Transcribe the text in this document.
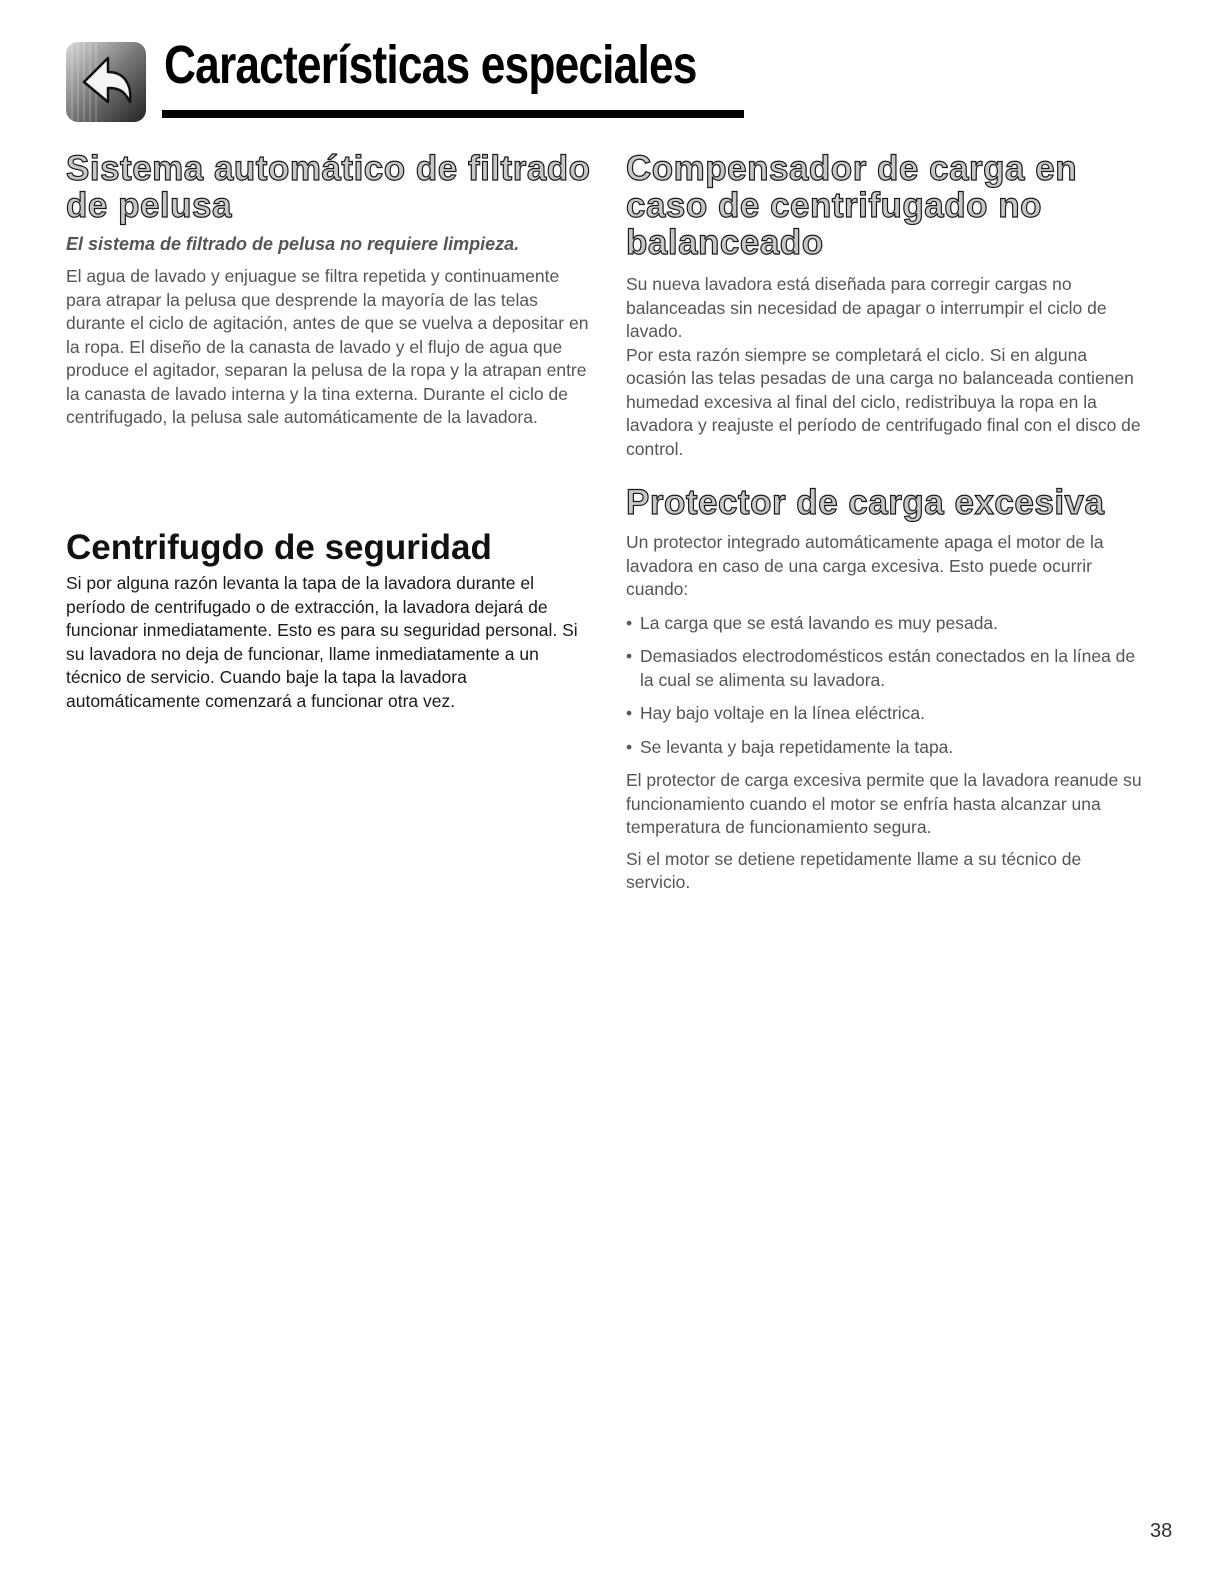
Características especiales
Sistema automático de filtrado de pelusa
El sistema de filtrado de pelusa no requiere limpieza.

El agua de lavado y enjuague se filtra repetida y continuamente para atrapar la pelusa que desprende la mayoría de las telas durante el ciclo de agitación, antes de que se vuelva a depositar en la ropa. El diseño de la canasta de lavado y el flujo de agua que produce el agitador, separan la pelusa de la ropa y la atrapan entre la canasta de lavado interna y la tina externa. Durante el ciclo de centrifugado, la pelusa sale automáticamente de la lavadora.

Centrifugdo de seguridad

Si por alguna razón levanta la tapa de la lavadora durante el período de centrifugado o de extracción, la lavadora dejará de funcionar inmediatamente. Esto es para su seguridad personal. Si su lavadora no deja de funcionar, llame inmediatamente a un técnico de servicio. Cuando baje la tapa la lavadora automáticamente comenzará a funcionar otra vez.

Compensador de carga en caso de centrifugado no balanceado

Su nueva lavadora está diseñada para corregir cargas no balanceadas sin necesidad de apagar o interrumpir el ciclo de lavado.

Por esta razón siempre se completará el ciclo. Si en alguna ocasión las telas pesadas de una carga no balanceada contienen humedad excesiva al final del ciclo, redistribuya la ropa en la lavadora y reajuste el período de centrifugado final con el disco de control.

Protector de carga excesiva

Un protector integrado automáticamente apaga el motor de la lavadora en caso de una carga excesiva. Esto puede ocurrir cuando:

• La carga que se está lavando es muy pesada.
• Demasiados electrodomésticos están conectados en la línea de la cual se alimenta su lavadora.
• Hay bajo voltaje en la línea eléctrica.
• Se levanta y baja repetidamente la tapa.

El protector de carga excesiva permite que la lavadora reanude su funcionamiento cuando el motor se enfría hasta alcanzar una temperatura de funcionamiento segura.

Si el motor se detiene repetidamente llame a su técnico de servicio.

38
